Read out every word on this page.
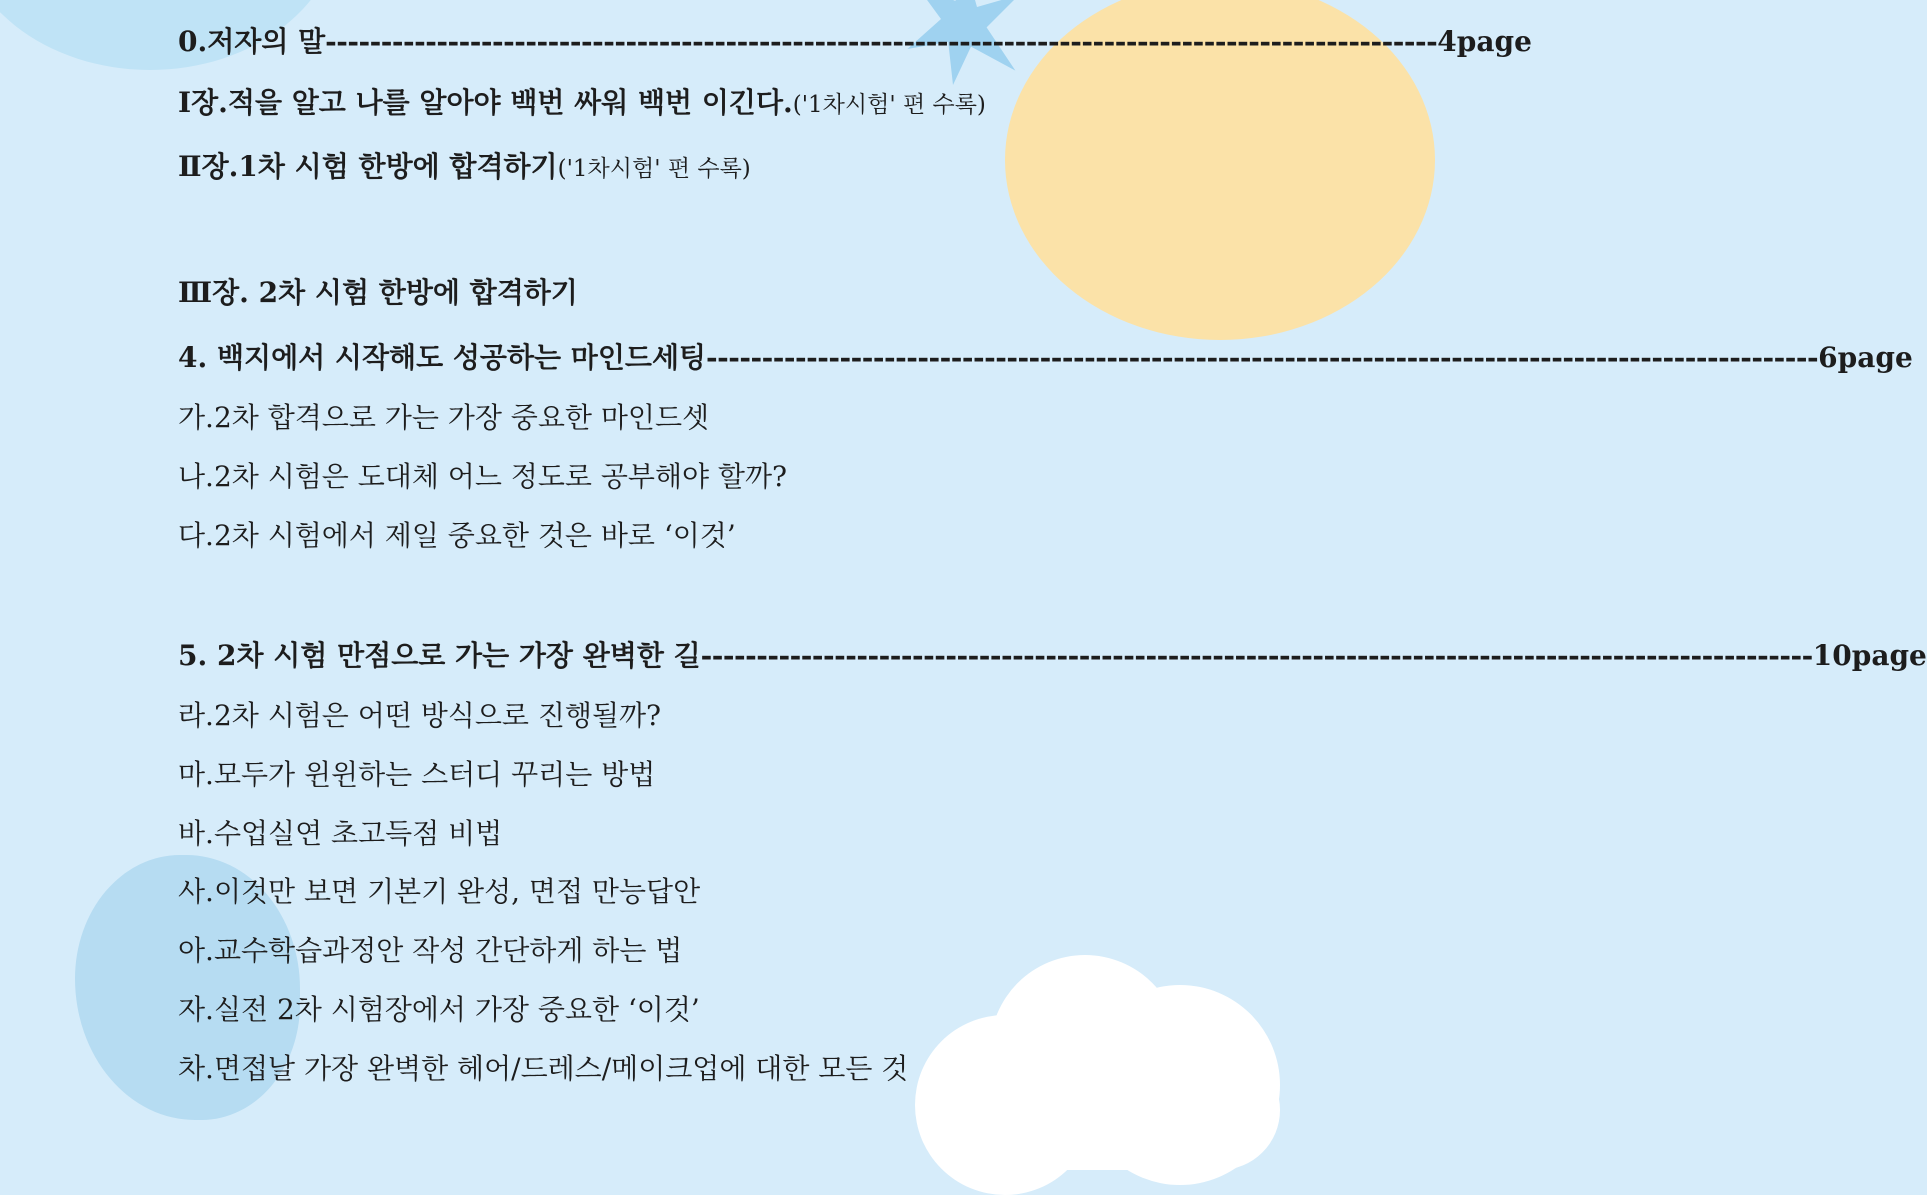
0.저자의 말 ---------------------------------------------------------------------------------------------------- 4page
Ⅰ장.적을 알고 나를 알아야 백번 싸워 백번 이긴다.('1차시험' 편 수록)
Ⅱ장.1차 시험 한방에 합격하기('1차시험' 편 수록)
Ⅲ장. 2차 시험 한방에 합격하기
4. 백지에서 시작해도 성공하는 마인드세팅 ---------------------------------------------------------------------------------------------------- 6page
가.2차 합격으로 가는 가장 중요한 마인드셋
나.2차 시험은 도대체 어느 정도로 공부해야 할까?
다.2차 시험에서 제일 중요한 것은 바로 ‘이것’
5. 2차 시험 만점으로 가는 가장 완벽한 길 ---------------------------------------------------------------------------------------------------- 10page
라.2차 시험은 어떤 방식으로 진행될까?
마.모두가 윈윈하는 스터디 꾸리는 방법
바.수업실연 초고득점 비법
사.이것만 보면 기본기 완성, 면접 만능답안
아.교수학습과정안 작성 간단하게 하는 법
자.실전 2차 시험장에서 가장 중요한 ‘이것’
차.면접날 가장 완벽한 헤어/드레스/메이크업에 대한 모든 것
